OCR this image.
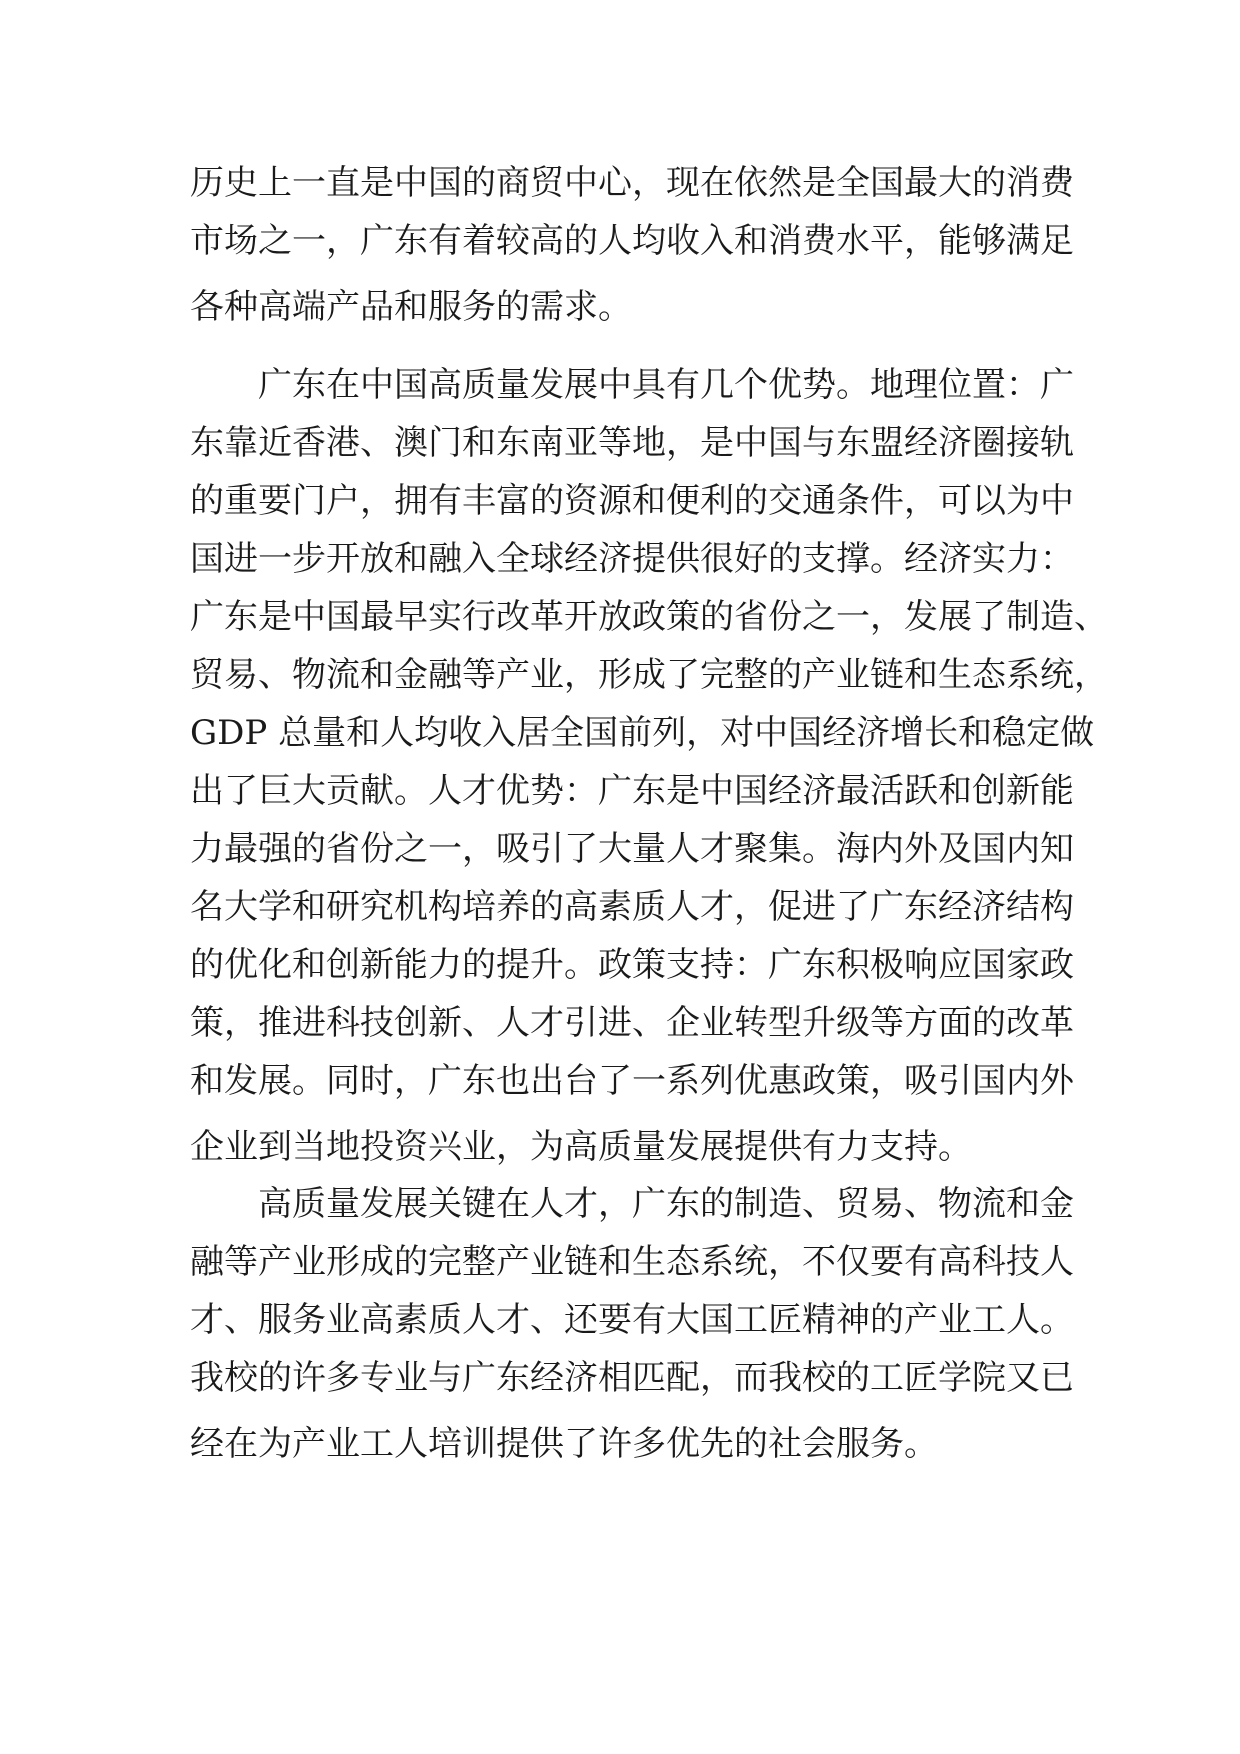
历史上一直是中国的商贸中心，现在依然是全国最大的消费
市场之一，广东有着较高的人均收入和消费水平，能够满足
各种高端产品和服务的需求。
广东在中国高质量发展中具有几个优势。地理位置：广
东靠近香港、澳门和东南亚等地，是中国与东盟经济圈接轨
的重要门户，拥有丰富的资源和便利的交通条件，可以为中
国进一步开放和融入全球经济提供很好的支撑。经济实力：
广东是中国最早实行改革开放政策的省份之一，发展了制造、
贸易、物流和金融等产业，形成了完整的产业链和生态系统，
GDP 总量和人均收入居全国前列，对中国经济增长和稳定做
出了巨大贡献。人才优势：广东是中国经济最活跃和创新能
力最强的省份之一，吸引了大量人才聚集。海内外及国内知
名大学和研究机构培养的高素质人才，促进了广东经济结构
的优化和创新能力的提升。政策支持：广东积极响应国家政
策，推进科技创新、人才引进、企业转型升级等方面的改革
和发展。同时，广东也出台了一系列优惠政策，吸引国内外
企业到当地投资兴业，为高质量发展提供有力支持。
高质量发展关键在人才，广东的制造、贸易、物流和金
融等产业形成的完整产业链和生态系统，不仅要有高科技人
才、服务业高素质人才、还要有大国工匠精神的产业工人。
我校的许多专业与广东经济相匹配，而我校的工匠学院又已
经在为产业工人培训提供了许多优先的社会服务。
